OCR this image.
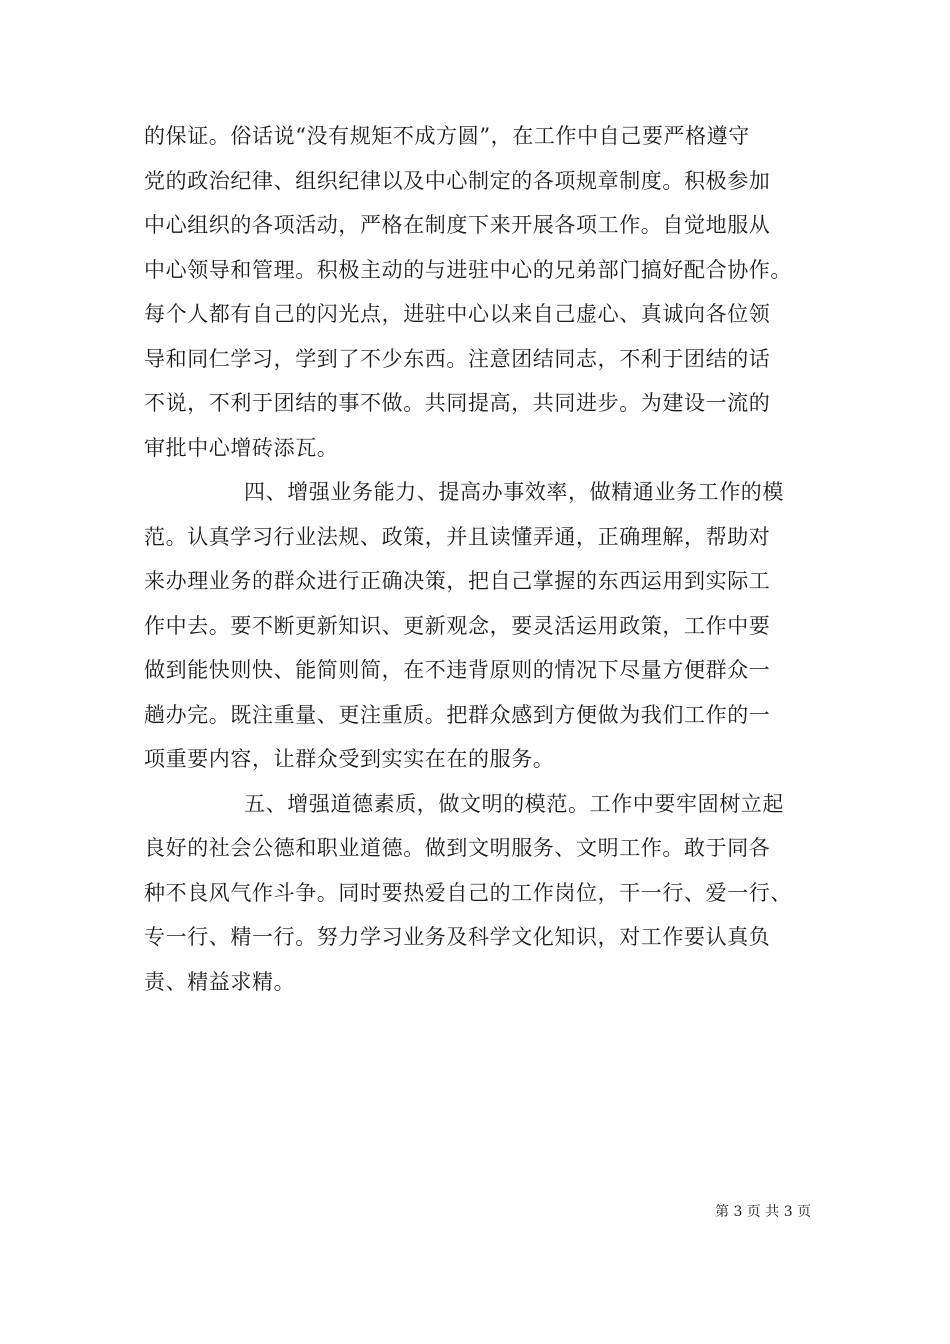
的保证。俗话说“没有规矩不成方圆”，在工作中自己要严格遵守
党的政治纪律、组织纪律以及中心制定的各项规章制度。积极参加
中心组织的各项活动，严格在制度下来开展各项工作。自觉地服从
中心领导和管理。积极主动的与进驻中心的兄弟部门搞好配合协作。
每个人都有自己的闪光点，进驻中心以来自己虚心、真诚向各位领
导和同仁学习，学到了不少东西。注意团结同志，不利于团结的话
不说，不利于团结的事不做。共同提高，共同进步。为建设一流的
审批中心增砖添瓦。
四、增强业务能力、提高办事效率，做精通业务工作的模
范。认真学习行业法规、政策，并且读懂弄通，正确理解，帮助对
来办理业务的群众进行正确决策，把自己掌握的东西运用到实际工
作中去。要不断更新知识、更新观念，要灵活运用政策，工作中要
做到能快则快、能简则简，在不违背原则的情况下尽量方便群众一
趟办完。既注重量、更注重质。把群众感到方便做为我们工作的一
项重要内容，让群众受到实实在在的服务。
五、增强道德素质，做文明的模范。工作中要牢固树立起
良好的社会公德和职业道德。做到文明服务、文明工作。敢于同各
种不良风气作斗争。同时要热爱自己的工作岗位，干一行、爱一行、
专一行、精一行。努力学习业务及科学文化知识，对工作要认真负
责、精益求精。
第 3 页 共 3 页
